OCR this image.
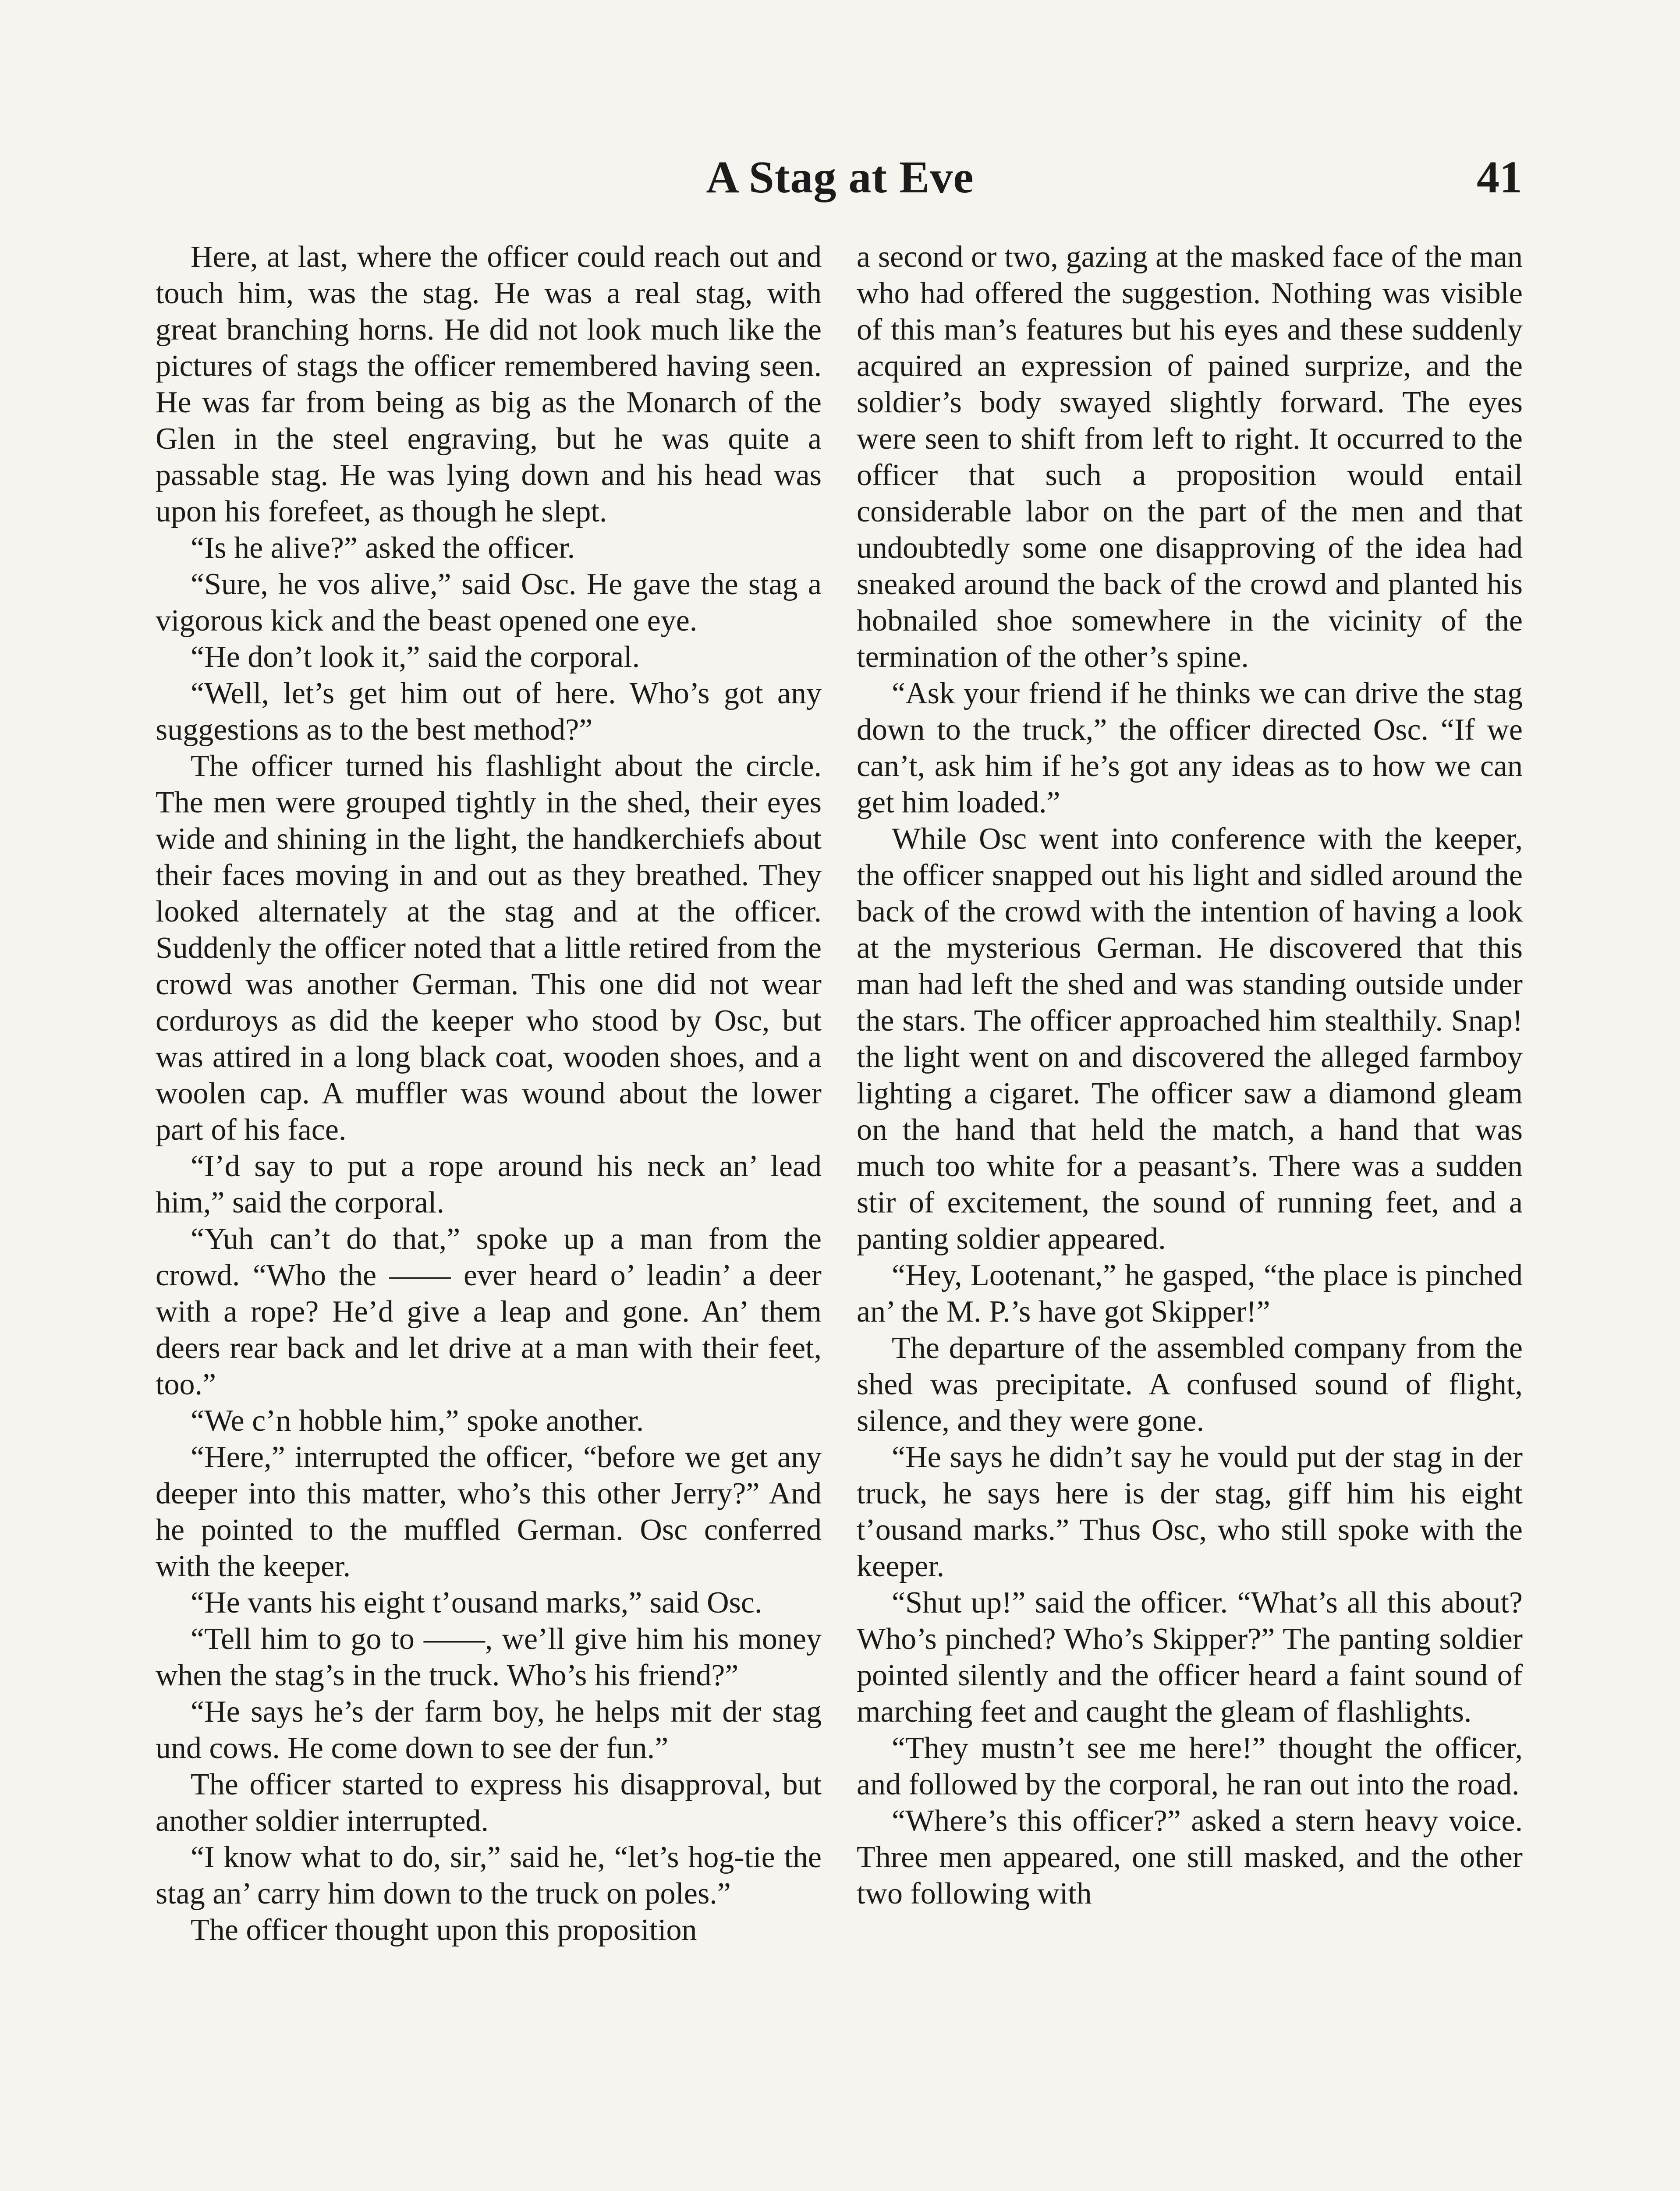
A Stag at Eve	41

Here, at last, where the officer could reach out and touch him, was the stag. He was a real stag, with great branching horns. He did not look much like the pictures of stags the officer remembered having seen. He was far from being as big as the Monarch of the Glen in the steel engraving, but he was quite a passable stag. He was lying down and his head was upon his forefeet, as though he slept.

“Is he alive?” asked the officer.

“Sure, he vos alive,” said Osc. He gave the stag a vigorous kick and the beast opened one eye.

“He don’t look it,” said the corporal.

“Well, let’s get him out of here. Who’s got any suggestions as to the best method?”

The officer turned his flashlight about the circle. The men were grouped tightly in the shed, their eyes wide and shining in the light, the handkerchiefs about their faces moving in and out as they breathed. They looked alternately at the stag and at the officer. Suddenly the officer noted that a little retired from the crowd was another German. This one did not wear corduroys as did the keeper who stood by Osc, but was attired in a long black coat, wooden shoes, and a woolen cap. A muffler was wound about the lower part of his face.

“I’d say to put a rope around his neck an’ lead him,” said the corporal.

“Yuh can’t do that,” spoke up a man from the crowd. “Who the —— ever heard o’ leadin’ a deer with a rope? He’d give a leap and gone. An’ them deers rear back and let drive at a man with their feet, too.”

“We c’n hobble him,” spoke another.

“Here,” interrupted the officer, “before we get any deeper into this matter, who’s this other Jerry?” And he pointed to the muffled German. Osc conferred with the keeper.

“He vants his eight t’ousand marks,” said Osc.

“Tell him to go to ——, we’ll give him his money when the stag’s in the truck. Who’s his friend?”

“He says he’s der farm boy, he helps mit der stag und cows. He come down to see der fun.”

The officer started to express his disapproval, but another soldier interrupted.

“I know what to do, sir,” said he, “let’s hog-tie the stag an’ carry him down to the truck on poles.”

The officer thought upon this proposition

a second or two, gazing at the masked face of the man who had offered the suggestion. Nothing was visible of this man’s features but his eyes and these suddenly acquired an expression of pained surprize, and the soldier’s body swayed slightly forward. The eyes were seen to shift from left to right. It occurred to the officer that such a proposition would entail considerable labor on the part of the men and that undoubtedly some one disapproving of the idea had sneaked around the back of the crowd and planted his hobnailed shoe somewhere in the vicinity of the termination of the other’s spine.

“Ask your friend if he thinks we can drive the stag down to the truck,” the officer directed Osc. “If we can’t, ask him if he’s got any ideas as to how we can get him loaded.”

While Osc went into conference with the keeper, the officer snapped out his light and sidled around the back of the crowd with the intention of having a look at the mysterious German. He discovered that this man had left the shed and was standing outside under the stars. The officer approached him stealthily. Snap! the light went on and discovered the alleged farmboy lighting a cigaret. The officer saw a diamond gleam on the hand that held the match, a hand that was much too white for a peasant’s. There was a sudden stir of excitement, the sound of running feet, and a panting soldier appeared.

“Hey, Lootenant,” he gasped, “the place is pinched an’ the M. P.’s have got Skipper!”

The departure of the assembled company from the shed was precipitate. A confused sound of flight, silence, and they were gone.

“He says he didn’t say he vould put der stag in der truck, he says here is der stag, giff him his eight t’ousand marks.” Thus Osc, who still spoke with the keeper.

“Shut up!” said the officer. “What’s all this about? Who’s pinched? Who’s Skipper?” The panting soldier pointed silently and the officer heard a faint sound of marching feet and caught the gleam of flashlights.

“They mustn’t see me here!” thought the officer, and followed by the corporal, he ran out into the road.

“Where’s this officer?” asked a stern heavy voice. Three men appeared, one still masked, and the other two following with
